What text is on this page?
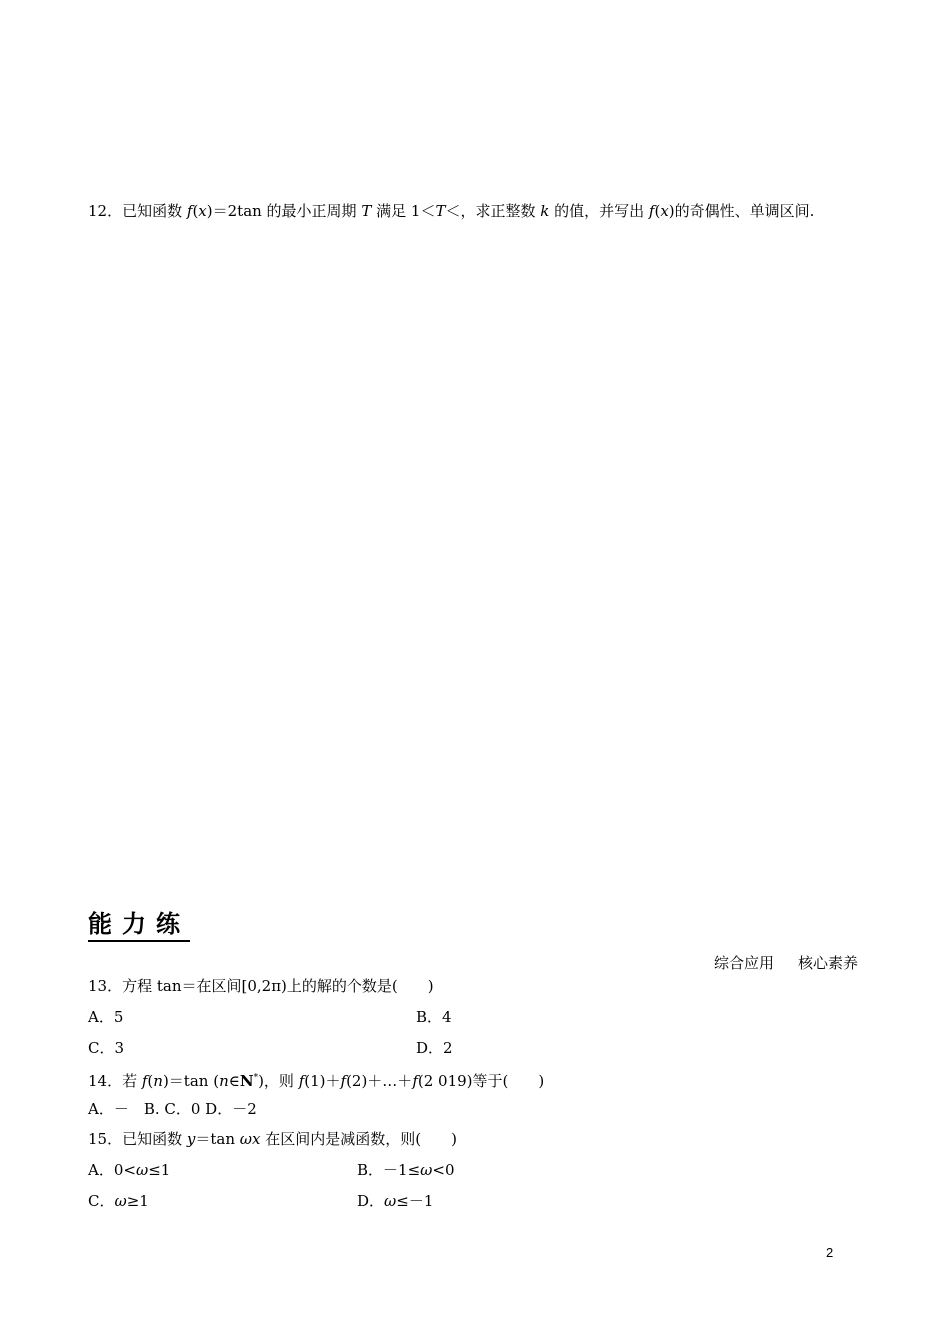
12．已知函数 f(x)＝2tan 的最小正周期 T 满足 1＜T＜，求正整数 k 的值，并写出 f(x)的奇偶性、单调区间.
能力练
综合应用 核心素养
13．方程 tan＝在区间[0,2π)上的解的个数是(　　)
A．5	B．4
C．3	D．2
14．若 f(n)＝tan (n∈N*)，则 f(1)＋f(2)＋…＋f(2 019)等于(　　)
A．－　B. C．0 D．－2
15．已知函数 y＝tan ωx 在区间内是减函数，则(　　)
A．0<ω≤1	B．－1≤ω<0
C．ω≥1	D．ω≤－1
2
